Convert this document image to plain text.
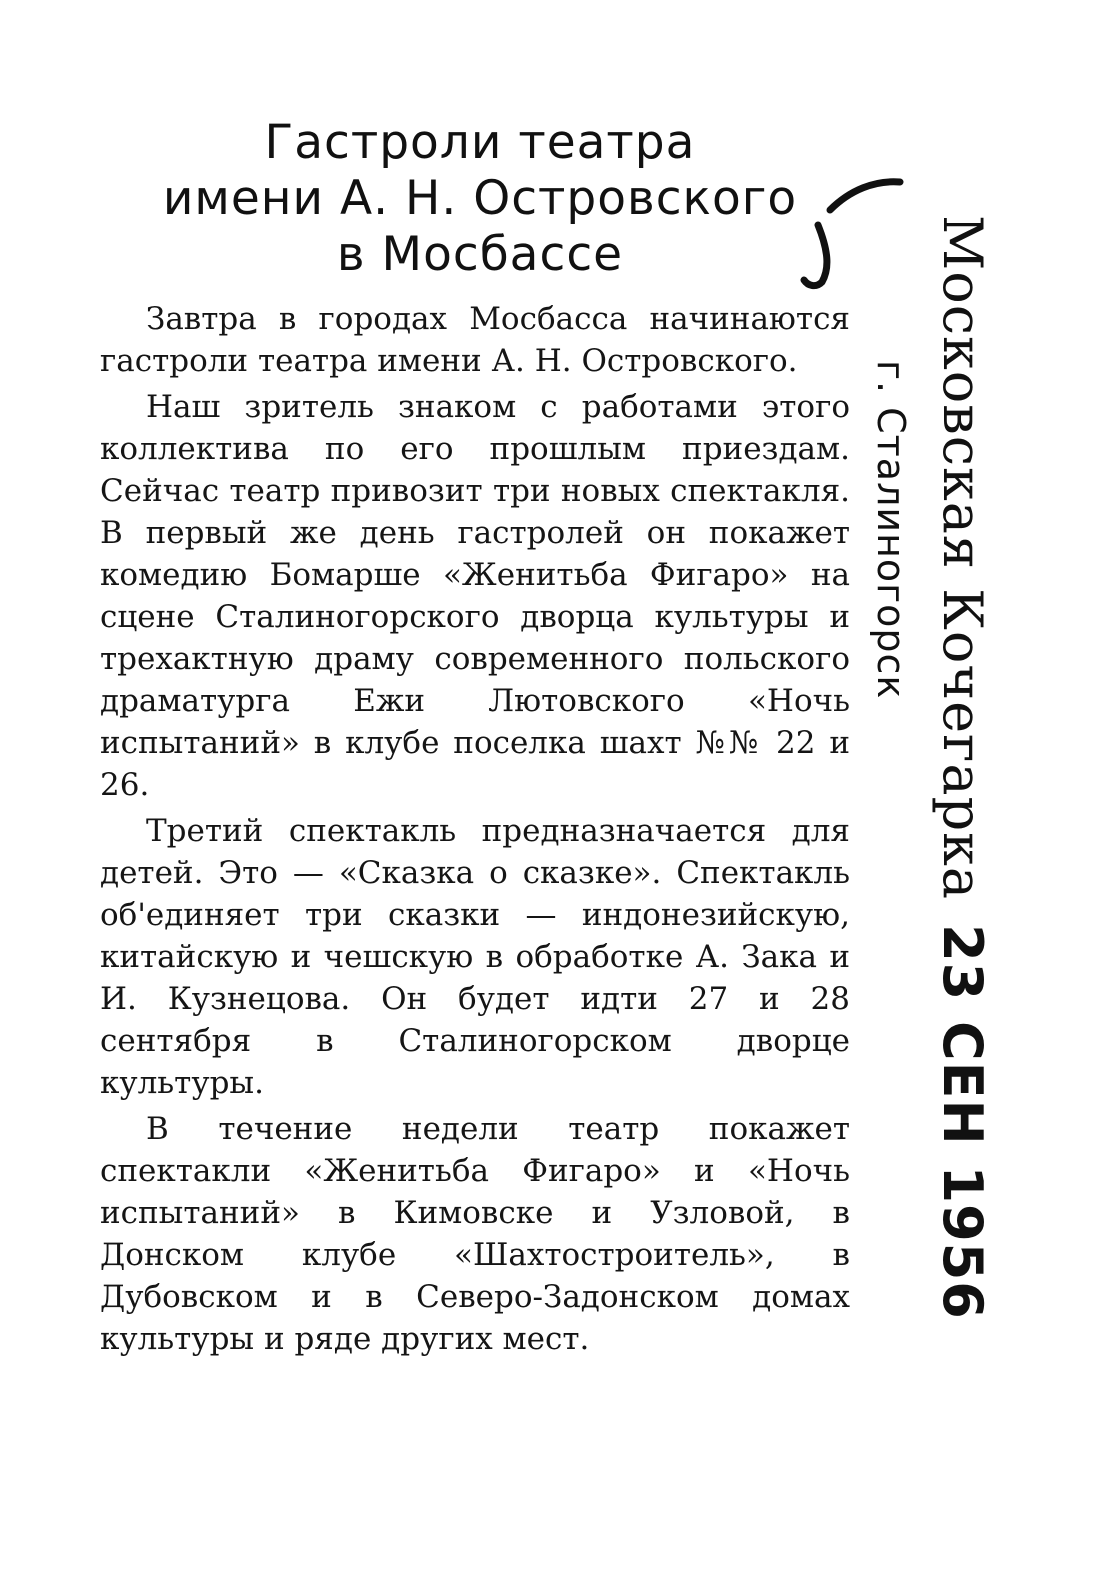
Гастроли театра
имени А. Н. Островского
в Мосбассе

Завтра в городах Мосбасса начинаются гастроли театра имени А. Н. Островского.

Наш зритель знаком с работами этого коллектива по его прошлым приездам. Сейчас театр привозит три новых спектакля. В первый же день гастролей он покажет комедию Бомарше «Женитьба Фигаро» на сцене Сталиногорского дворца культуры и трехактную драму современного польского драматурга Ежи Лютовского «Ночь испытаний» в клубе поселка шахт №№ 22 и 26.

Третий спектакль предназначается для детей. Это — «Сказка о сказке». Спектакль об'единяет три сказки — индонезийскую, китайскую и чешскую в обработке А. Зака и И. Кузнецова. Он будет идти 27 и 28 сентября в Сталиногорском дворце культуры.

В течение недели театр покажет спектакли «Женитьба Фигаро» и «Ночь испытаний» в Кимовске и Узловой, в Донском клубе «Шахтостроитель», в Дубовском и в Северо-Задонском домах культуры и ряде других мест.

Московская Кочегарка23 СЕН 1956
г. Сталиногорск
